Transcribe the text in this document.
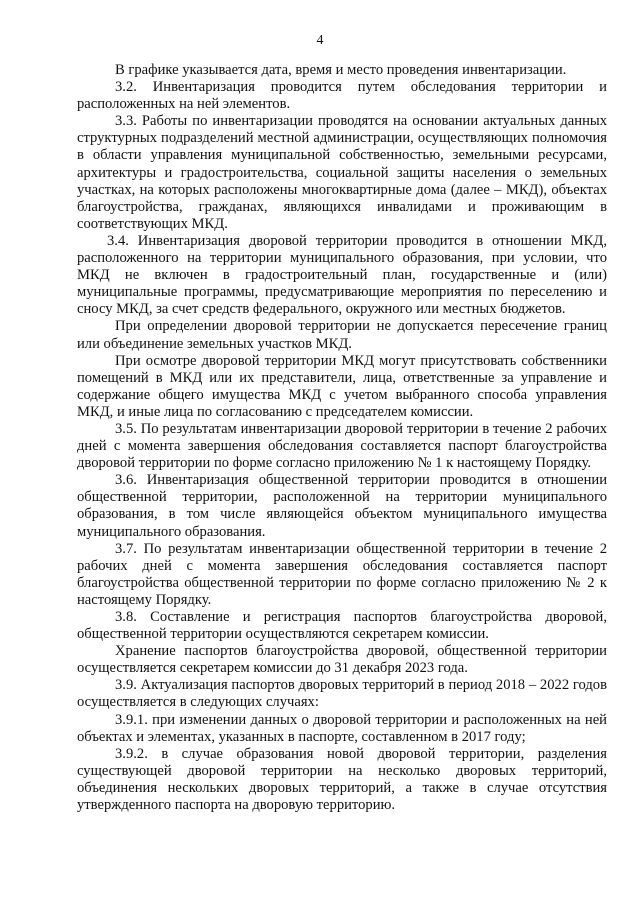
4

В графике указывается дата, время и место проведения инвентаризации.

3.2. Инвентаризация проводится путем обследования территории и расположенных на ней элементов.

3.3. Работы по инвентаризации проводятся на основании актуальных данных структурных подразделений местной администрации, осуществляющих полномочия в области управления муниципальной собственностью, земельными ресурсами, архитектуры и градостроительства, социальной защиты населения о земельных участках, на которых расположены многоквартирные дома (далее – МКД), объектах благоустройства, гражданах, являющихся инвалидами и проживающим в соответствующих МКД.

3.4. Инвентаризация дворовой территории проводится в отношении МКД, расположенного на территории муниципального образования, при условии, что МКД не включен в градостроительный план, государственные и (или) муниципальные программы, предусматривающие мероприятия по переселению и сносу МКД, за счет средств федерального, окружного или местных бюджетов.

При определении дворовой территории не допускается пересечение границ или объединение земельных участков МКД.

При осмотре дворовой территории МКД могут присутствовать собственники помещений в МКД или их представители, лица, ответственные за управление и содержание общего имущества МКД с учетом выбранного способа управления МКД, и иные лица по согласованию с председателем комиссии.

3.5. По результатам инвентаризации дворовой территории в течение 2 рабочих дней с момента завершения обследования составляется паспорт благоустройства дворовой территории по форме согласно приложению № 1 к настоящему Порядку.

3.6. Инвентаризация общественной территории проводится в отношении общественной территории, расположенной на территории муниципального образования, в том числе являющейся объектом муниципального имущества муниципального образования.

3.7. По результатам инвентаризации общественной территории в течение 2 рабочих дней с момента завершения обследования составляется паспорт благоустройства общественной территории по форме согласно приложению № 2 к настоящему Порядку.

3.8. Составление и регистрация паспортов благоустройства дворовой, общественной территории осуществляются секретарем комиссии.

Хранение паспортов благоустройства дворовой, общественной территории осуществляется секретарем комиссии до 31 декабря 2023 года.

3.9. Актуализация паспортов дворовых территорий в период 2018 – 2022 годов осуществляется в следующих случаях:

3.9.1. при изменении данных о дворовой территории и расположенных на ней объектах и элементах, указанных в паспорте, составленном в 2017 году;

3.9.2. в случае образования новой дворовой территории, разделения существующей дворовой территории на несколько дворовых территорий, объединения нескольких дворовых территорий, а также в случае отсутствия утвержденного паспорта на дворовую территорию.
